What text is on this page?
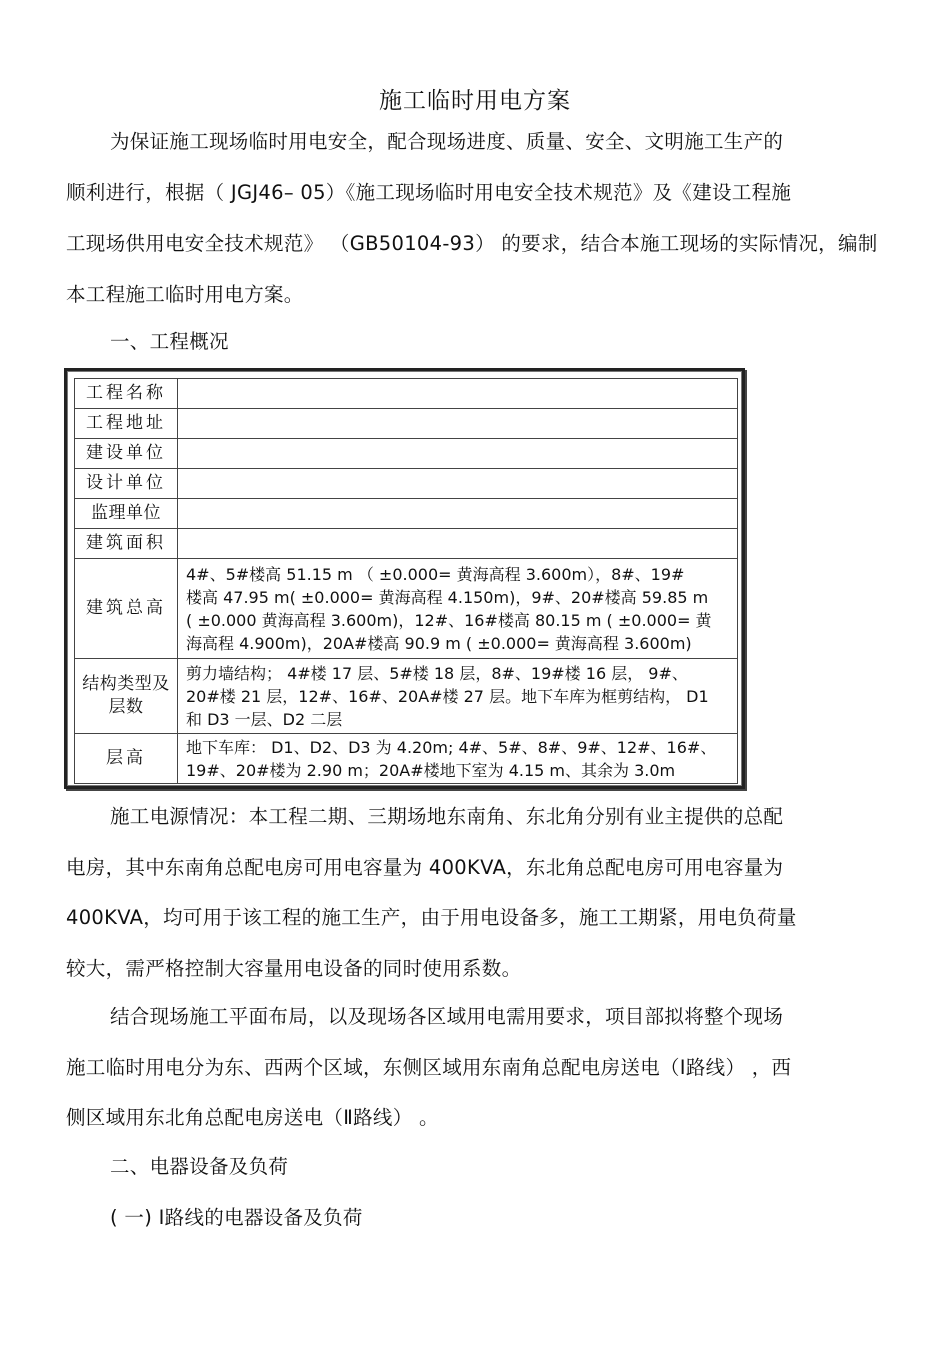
施工临时用电方案
为保证施工现场临时用电安全，配合现场进度、质量、安全、文明施工生产的
顺利进行，根据（ JGJ46– 05）《施工现场临时用电安全技术规范》及《建设工程施
工现场供用电安全技术规范》 （GB50104-93） 的要求，结合本施工现场的实际情况，编制
本工程施工临时用电方案。
一、工程概况
工程名称	
工程地址	
建设单位	
设计单位	
监理单位	
建筑面积	
建筑总高	4#、5#楼高 51.15 m （ ±0.000= 黄海高程 3.600m），8#、19#
楼高 47.95 m( ±0.000= 黄海高程 4.150m)，9#、20#楼高 59.85 m
( ±0.000 黄海高程 3.600m)，12#、16#楼高 80.15 m ( ±0.000= 黄
海高程 4.900m)，20A#楼高 90.9 m ( ±0.000= 黄海高程 3.600m)
结构类型及
层数	剪力墙结构； 4#楼 17 层、5#楼 18 层，8#、19#楼 16 层， 9#、
20#楼 21 层，12#、16#、20A#楼 27 层。地下车库为框剪结构， D1
和 D3 一层、D2 二层
层高	地下车库： D1、D2、D3 为 4.20m; 4#、5#、8#、9#、12#、16#、
19#、20#楼为 2.90 m；20A#楼地下室为 4.15 m、其余为 3.0m
施工电源情况：本工程二期、三期场地东南角、东北角分别有业主提供的总配
电房，其中东南角总配电房可用电容量为 400KVA，东北角总配电房可用电容量为
400KVA，均可用于该工程的施工生产，由于用电设备多，施工工期紧，用电负荷量
较大，需严格控制大容量用电设备的同时使用系数。
结合现场施工平面布局，以及现场各区域用电需用要求，项目部拟将整个现场
施工临时用电分为东、西两个区域，东侧区域用东南角总配电房送电（Ⅰ路线） ，西
侧区域用东北角总配电房送电（Ⅱ路线） 。
二、电器设备及负荷
( 一) Ⅰ路线的电器设备及负荷
